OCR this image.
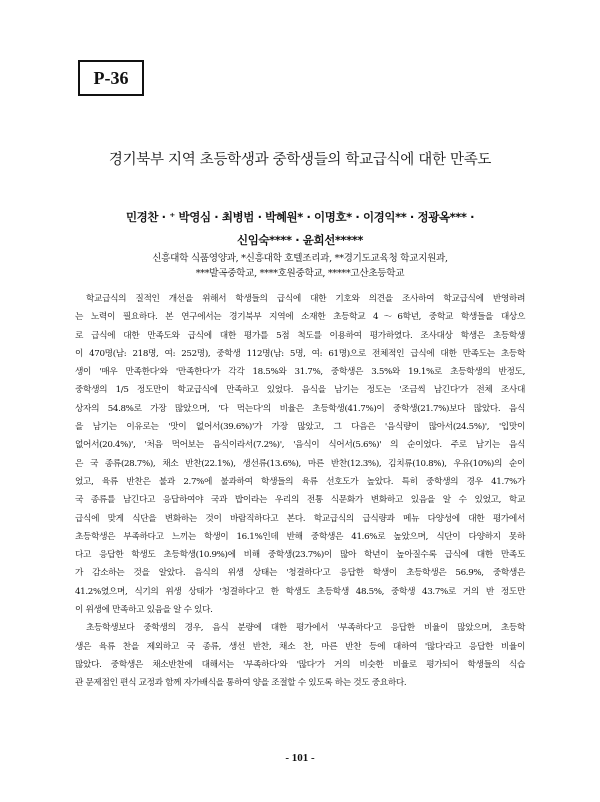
P-36
경기북부 지역 초등학생과 중학생들의 학교급식에 대한 만족도
민경찬 · ⁺ 박영심 · 최병범 · 박혜원* · 이명호* · 이경익** · 정광옥*** ·
신임숙**** · 윤희선*****
신흥대학 식품영양과, *신흥대학 호텔조리과, **경기도교육청 학교지원과,
***발곡중학교, ****호원중학교, *****고산초등학교
학교급식의 질적인 개선을 위해서 학생들의 급식에 대한 기호와 의견을 조사하여 학교급식에 반영하려
는 노력이 필요하다. 본 연구에서는 경기북부 지역에 소재한 초등학교 4～6학년, 중학교 학생들을 대상으
로 급식에 대한 만족도와 급식에 대한 평가를 5점 척도를 이용하여 평가하였다. 조사대상 학생은 초등학생
이 470명(남: 218명, 여: 252명), 중학생 112명(남: 5명, 여: 61명)으로 전체적인 급식에 대한 만족도는 초등학
생이 '매우 만족한다'와 '만족한다'가 각각 18.5%와 31.7%, 중학생은 3.5%와 19.1%로 초등학생의 반정도,
중학생의 1/5 정도만이 학교급식에 만족하고 있었다. 음식을 남기는 정도는 '조금씩 남긴다'가 전체 조사대
상자의 54.8%로 가장 많았으며, '다 먹는다'의 비율은 초등학생(41.7%)이 중학생(21.7%)보다 많았다. 음식
을 남기는 이유로는 '맛이 없어서(39.6%)'가 가장 많았고, 그 다음은 '음식량이 많아서(24.5%)', '입맛이
없어서(20.4%)', '처음 먹어보는 음식이라서(7.2%)', '음식이 식어서(5.6%)' 의 순이었다. 주로 남기는 음식
은 국 종류(28.7%), 채소 반찬(22.1%), 생선류(13.6%), 마른 반찬(12.3%), 김치류(10.8%), 우유(10%)의 순이
었고, 육류 반찬은 불과 2.7%에 불과하여 학생들의 육류 선호도가 높았다. 특히 중학생의 경우 41.7%가
국 종류를 남긴다고 응답하여야 국과 밥이라는 우리의 전통 식문화가 변화하고 있음을 알 수 있었고, 학교
급식에 맞게 식단을 변화하는 것이 바람직하다고 본다. 학교급식의 급식량과 메뉴 다양성에 대한 평가에서
초등학생은 부족하다고 느끼는 학생이 16.1%인데 반해 중학생은 41.6%로 높았으며, 식단이 다양하지 못하
다고 응답한 학생도 초등학생(10.9%)에 비해 중학생(23.7%)이 많아 학년이 높아질수록 급식에 대한 만족도
가 감소하는 것을 알았다. 음식의 위생 상태는 '청결하다'고 응답한 학생이 초등학생은 56.9%, 중학생은
41.2%였으며, 식기의 위생 상태가 '청결하다'고 한 학생도 초등학생 48.5%, 중학생 43.7%로 거의 반 정도만
이 위생에 만족하고 있음을 알 수 있다.
초등학생보다 중학생의 경우, 음식 분량에 대한 평가에서 '부족하다'고 응답한 비율이 많았으며, 초등학
생은 육류 찬을 제외하고 국 종류, 생선 반찬, 채소 찬, 마른 반찬 등에 대하여 '많다'라고 응답한 비율이
많았다. 중학생은 채소반찬에 대해서는 '부족하다'와 '많다'가 거의 비슷한 비율로 평가되어 학생들의 식습
관 문제점인 편식 교정과 함께 자가배식을 통하여 양을 조절할 수 있도록 하는 것도 중요하다.
- 101 -
